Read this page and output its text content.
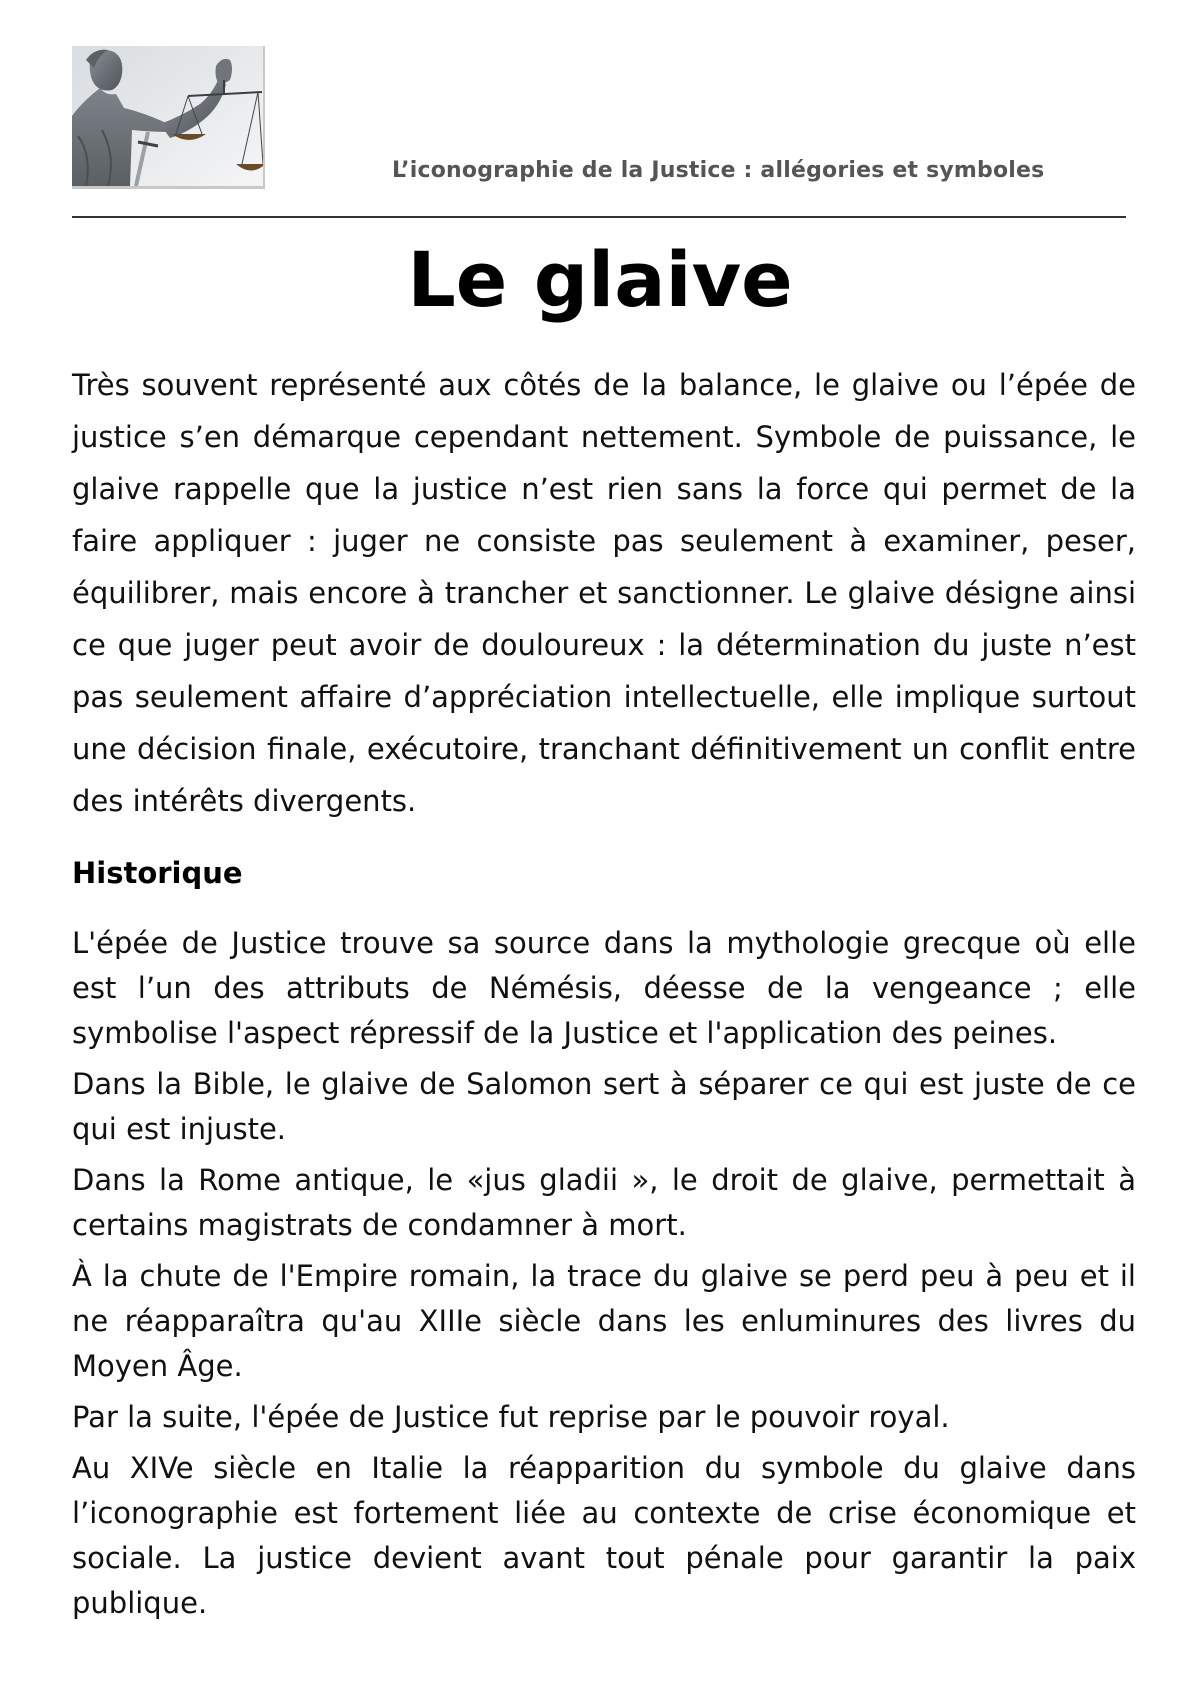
L’iconographie de la Justice : allégories et symboles
Le glaive
Très souvent représenté aux côtés de la balance, le glaive ou l’épée de justice s’en démarque cependant nettement. Symbole de puissance, le glaive rappelle que la justice n’est rien sans la force qui permet de la faire appliquer : juger ne consiste pas seulement à examiner, peser, équilibrer, mais encore à trancher et sanctionner. Le glaive désigne ainsi ce que juger peut avoir de douloureux : la détermination du juste n’est pas seulement affaire d’appréciation intellectuelle, elle implique surtout une décision finale, exécutoire, tranchant définitivement un conflit entre des intérêts divergents.
Historique

L'épée de Justice trouve sa source dans la mythologie grecque où elle est l’un des attributs de Némésis, déesse de la vengeance ; elle symbolise l'aspect répressif de la Justice et l'application des peines.

Dans la Bible, le glaive de Salomon sert à séparer ce qui est juste de ce qui est injuste.

Dans la Rome antique, le «jus gladii », le droit de glaive, permettait à certains magistrats de condamner à mort.

À la chute de l'Empire romain, la trace du glaive se perd peu à peu et il ne réapparaîtra qu'au XIIIe siècle dans les enluminures des livres du Moyen Âge.

Par la suite, l'épée de Justice fut reprise par le pouvoir royal.

Au XIVe siècle en Italie la réapparition du symbole du glaive dans l’iconographie est fortement liée au contexte de crise économique et sociale. La justice devient avant tout pénale pour garantir la paix publique.
